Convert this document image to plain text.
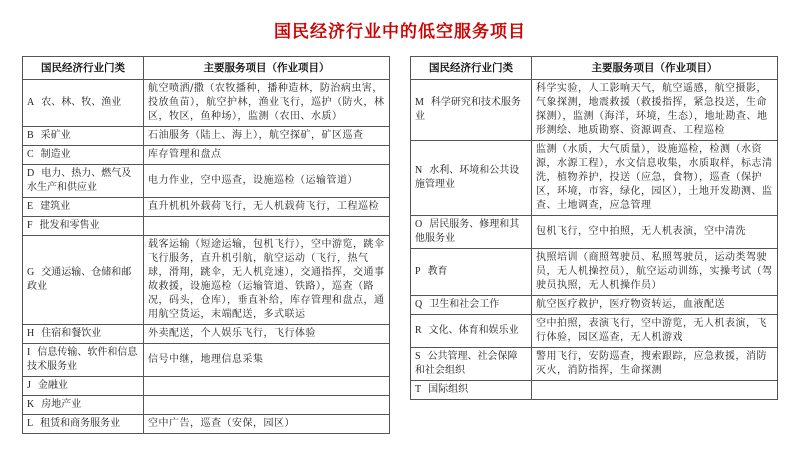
国民经济行业中的低空服务项目
国民经济行业门类	主要服务项目（作业项目）
A 农、林、牧、渔业	航空喷洒/撒（农牧播种，播种造林，防治病虫害，投放鱼苗），航空护林，渔业飞行，巡护（防火，林区，牧区，鱼种场），监测（农田、水质）
B 采矿业	石油服务（陆上、海上），航空探矿，矿区巡查
C 制造业	库存管理和盘点
D 电力、热力、燃气及水生产和供应业	电力作业，空中巡查，设施巡检（运输管道）
E 建筑业	直升机机外载荷飞行，无人机载荷飞行，工程巡检
F 批发和零售业	
G 交通运输、仓储和邮政业	载客运输（短途运输，包机飞行），空中游览，跳伞飞行服务，直升机引航，航空运动（飞行，热气球，滑翔，跳伞，无人机竞速），交通指挥，交通事故救援，设施巡检（运输管道、铁路），巡查（路况，码头，仓库），垂直补给，库存管理和盘点，通用航空货运，末端配送，多式联运
H 住宿和餐饮业	外卖配送，个人娱乐飞行，飞行体验
I 信息传输、软件和信息技术服务业	信号中继，地理信息采集
J 金融业	
K 房地产业	
L 租赁和商务服务业	空中广告，巡查（安保，园区）
国民经济行业门类	主要服务项目（作业项目）
M 科学研究和技术服务业	科学实验，人工影响天气，航空遥感，航空摄影，气象探测，地震救援（救援指挥，紧急投送，生命探测），监测（海洋，环境，生态），地址勘查、地形测绘、地质勘察、资源调查、工程巡检
N 水利、环境和公共设施管理业	监测（水质，大气质量），设施巡检，检测（水资源，水源工程），水文信息收集，水质取样，标志清洗，植物养护，投送（应急，食物），巡查（保护区，环境，市容，绿化，园区），土地开发勘测、监查、土地调查，应急管理
O 居民服务、修理和其他服务业	包机飞行，空中拍照，无人机表演，空中清洗
P 教育	执照培训（商照驾驶员、私照驾驶员，运动类驾驶员，无人机操控员），航空运动训练，实操考试（驾驶员执照，无人机操作员）
Q 卫生和社会工作	航空医疗救护，医疗物资转运，血液配送
R 文化、体育和娱乐业	空中拍照，表演飞行，空中游览，无人机表演，飞行体验，园区巡查，无人机游戏
S 公共管理、社会保障和社会组织	警用飞行，安防巡查，搜索跟踪，应急救援，消防灭火，消防指挥，生命探测
T 国际组织	
